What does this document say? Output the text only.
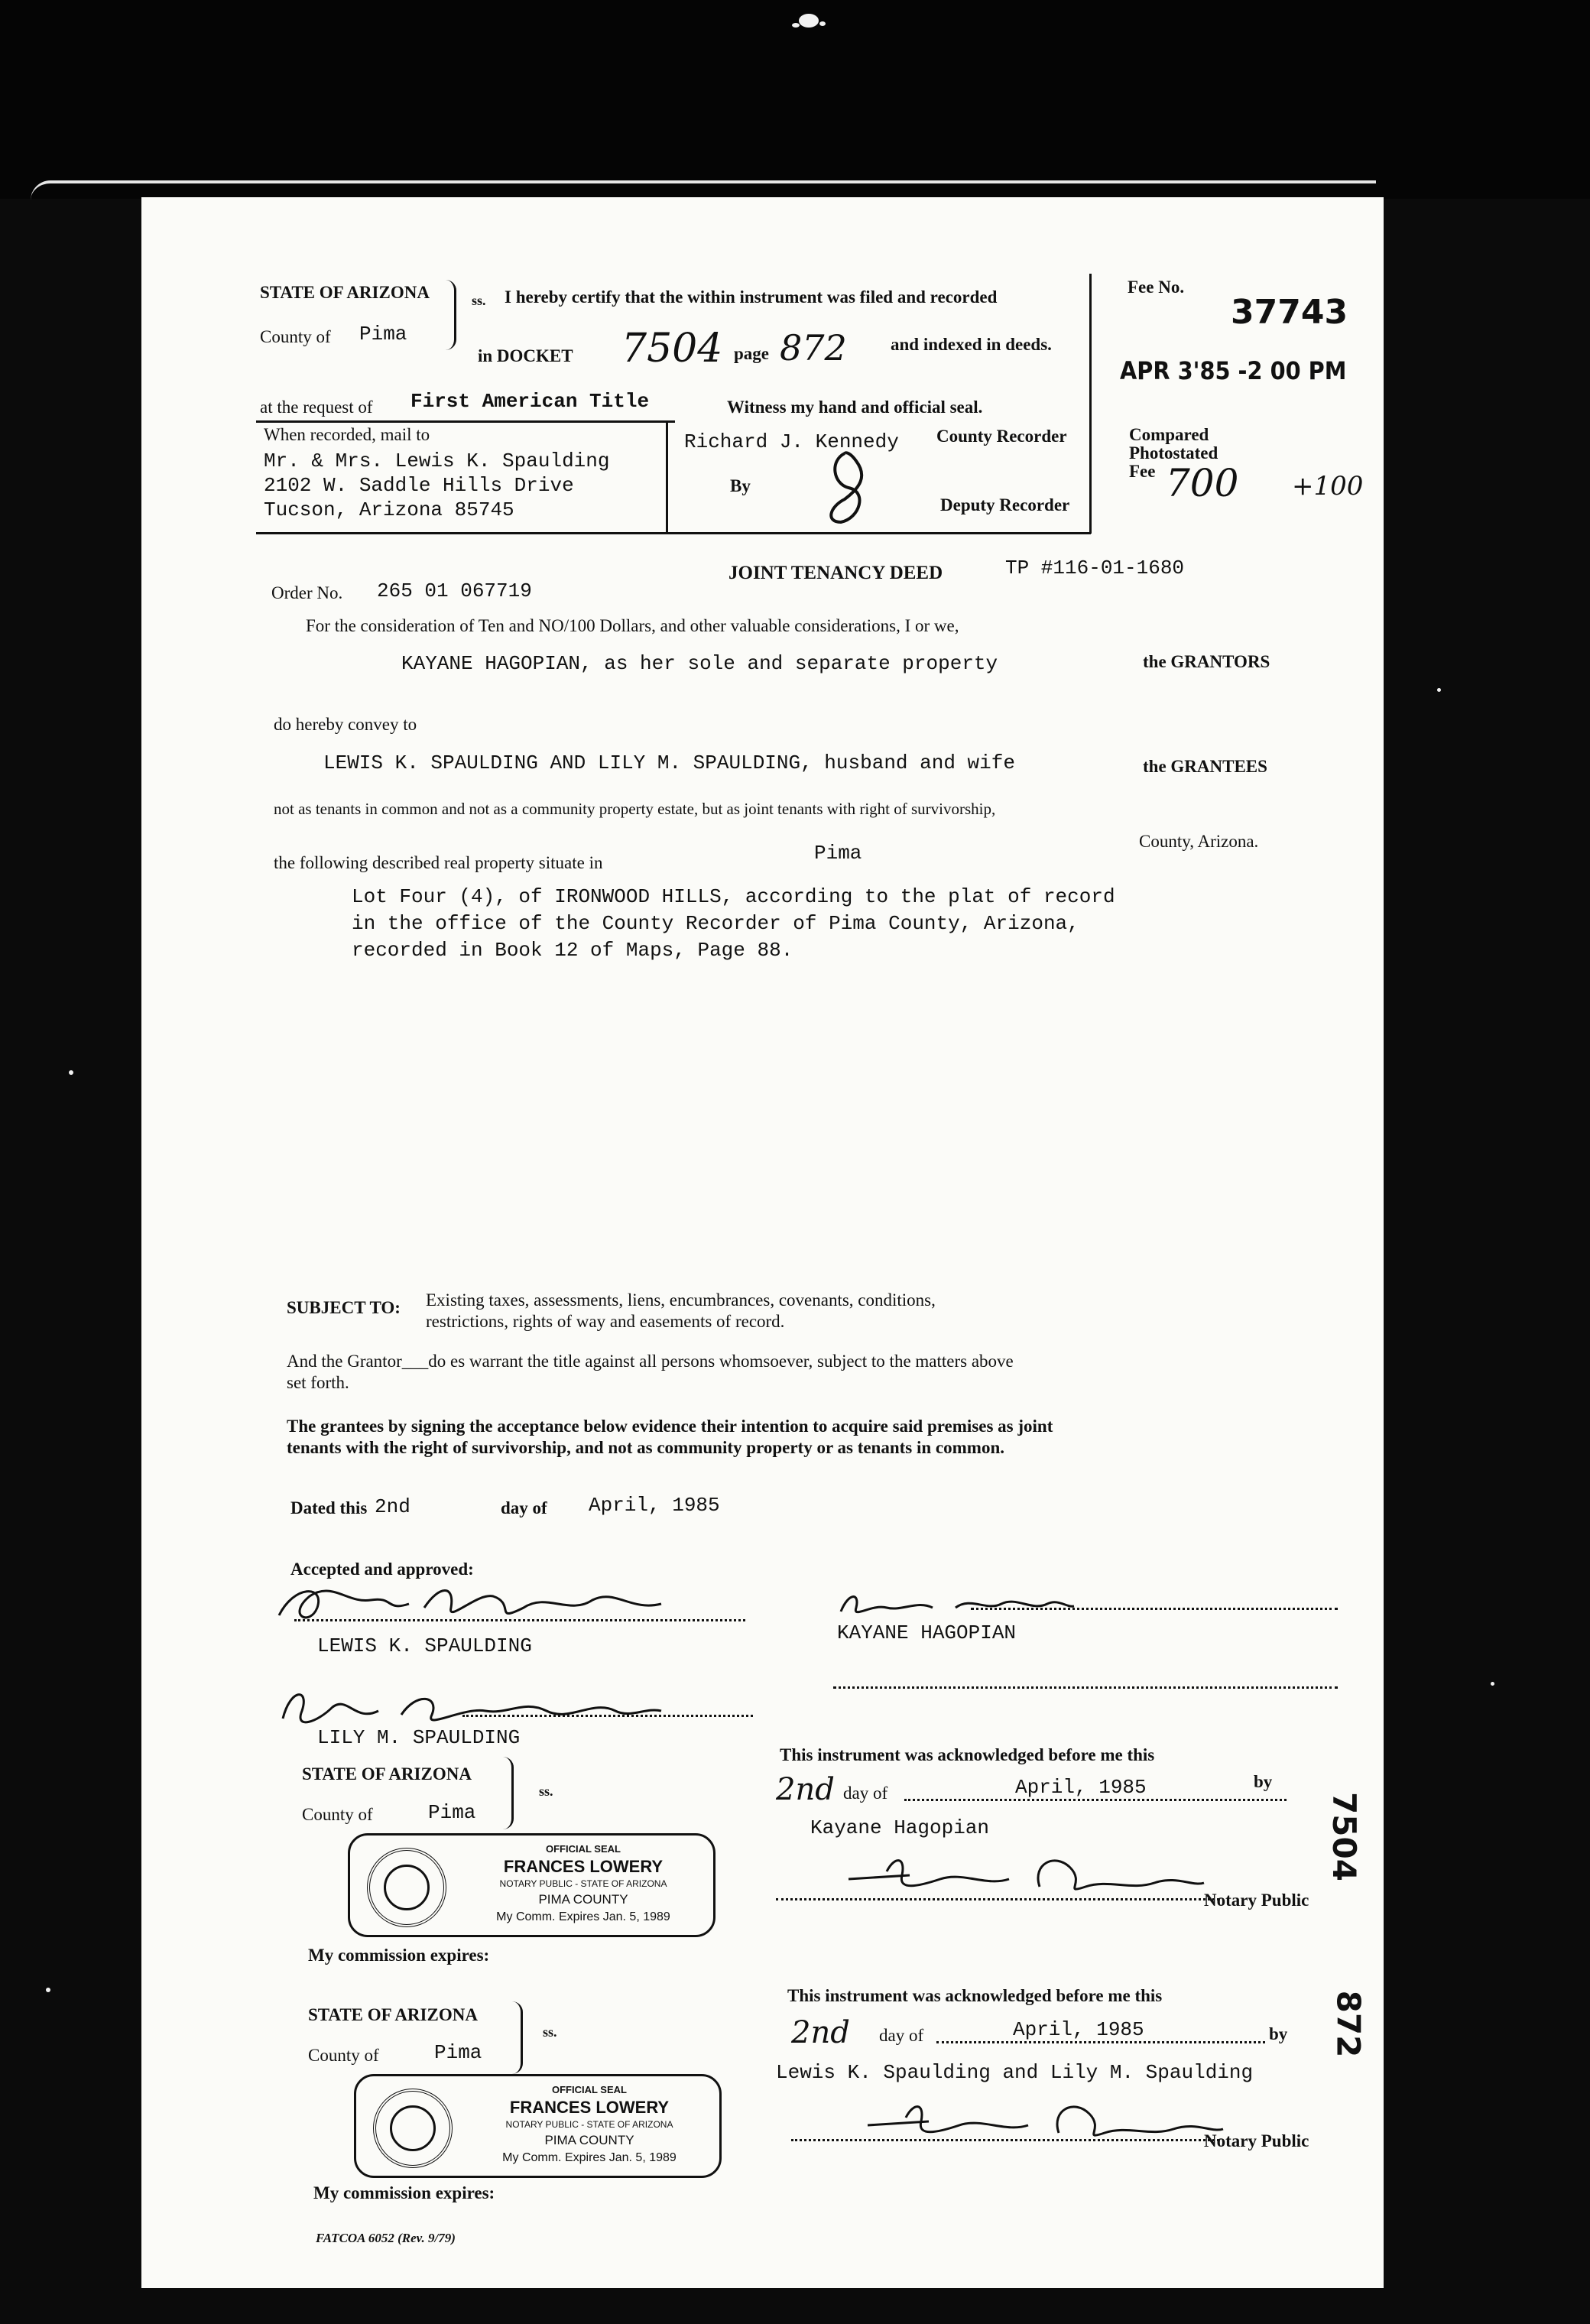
STATE OF ARIZONA
County of Pima
ss. I hereby certify that the within instrument was filed and recorded
in DOCKET 7504 page 872 and indexed in deeds.
Fee No.
37743
APR 3'85 -2 00 PM
at the request of First American Title	Witness my hand and official seal.
When recorded, mail to
Mr. & Mrs. Lewis K. Spaulding
2102 W. Saddle Hills Drive
Tucson, Arizona 85745
Richard J. Kennedy County Recorder
By
Deputy Recorder
Compared
Photostated
Fee 700 +100
Order No. 265 01 067719
JOINT TENANCY DEED	TP #116-01-1680
For the consideration of Ten and NO/100 Dollars, and other valuable considerations, I or we,
KAYANE HAGOPIAN, as her sole and separate property	the GRANTORS
do hereby convey to
LEWIS K. SPAULDING AND LILY M. SPAULDING, husband and wife	the GRANTEES
not as tenants in common and not as a community property estate, but as joint tenants with right of survivorship,
the following described real property situate in	Pima
County, Arizona.
Lot Four (4), of IRONWOOD HILLS, according to the plat of record
in the office of the County Recorder of Pima County, Arizona,
recorded in Book 12 of Maps, Page 88.
SUBJECT TO: Existing taxes, assessments, liens, encumbrances, covenants, conditions,
restrictions, rights of way and easements of record.
And the Grantor___do es warrant the title against all persons whomsoever, subject to the matters above
set forth.
The grantees by signing the acceptance below evidence their intention to acquire said premises as joint
tenants with the right of survivorship, and not as community property or as tenants in common.
Dated this 2nd	day of April, 1985
Accepted and approved:
LEWIS K. SPAULDING
LILY M. SPAULDING
KAYANE HAGOPIAN
STATE OF ARIZONA
County of	Pima
ss.
OFFICIAL SEAL
FRANCES LOWERY
NOTARY PUBLIC - STATE OF ARIZONA
PIMA COUNTY
My Comm. Expires Jan. 5, 1989
My commission expires:
This instrument was acknowledged before me this
2nd day of	April, 1985	by
Kayane Hagopian
Notary Public
STATE OF ARIZONA
County of	Pima
ss.
OFFICIAL SEAL
FRANCES LOWERY
NOTARY PUBLIC - STATE OF ARIZONA
PIMA COUNTY
My Comm. Expires Jan. 5, 1989
My commission expires:
This instrument was acknowledged before me this
2nd day of	April, 1985	by
Lewis K. Spaulding and Lily M. Spaulding
Notary Public
7504
872
FATCOA 6052 (Rev. 9/79)
